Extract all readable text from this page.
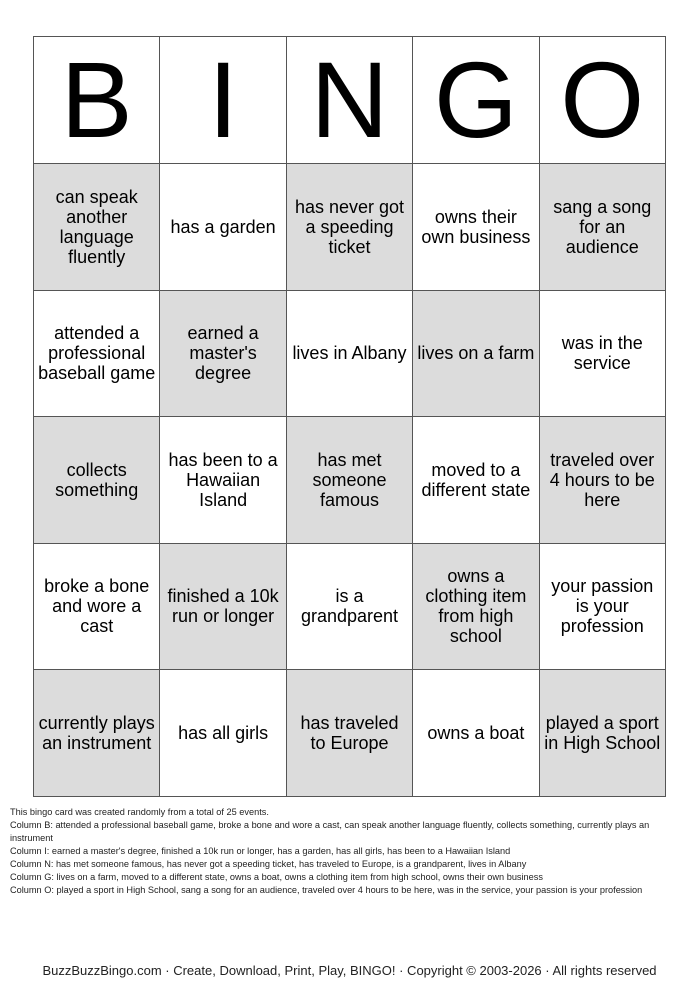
B	I	N	G	O
can speak another language fluently	has a garden	has never got a speeding ticket	owns their own business	sang a song for an audience
attended a professional baseball game	earned a master's degree	lives in Albany	lives on a farm	was in the service
collects something	has been to a Hawaiian Island	has met someone famous	moved to a different state	traveled over 4 hours to be here
broke a bone and wore a cast	finished a 10k run or longer	is a grandparent	owns a clothing item from high school	your passion is your profession
currently plays an instrument	has all girls	has traveled to Europe	owns a boat	played a sport in High School
This bingo card was created randomly from a total of 25 events.
Column B: attended a professional baseball game, broke a bone and wore a cast, can speak another language fluently, collects something, currently plays an instrument
Column I: earned a master's degree, finished a 10k run or longer, has a garden, has all girls, has been to a Hawaiian Island
Column N: has met someone famous, has never got a speeding ticket, has traveled to Europe, is a grandparent, lives in Albany
Column G: lives on a farm, moved to a different state, owns a boat, owns a clothing item from high school, owns their own business
Column O: played a sport in High School, sang a song for an audience, traveled over 4 hours to be here, was in the service, your passion is your profession
BuzzBuzzBingo.com · Create, Download, Print, Play, BINGO! · Copyright © 2003-2026 · All rights reserved
